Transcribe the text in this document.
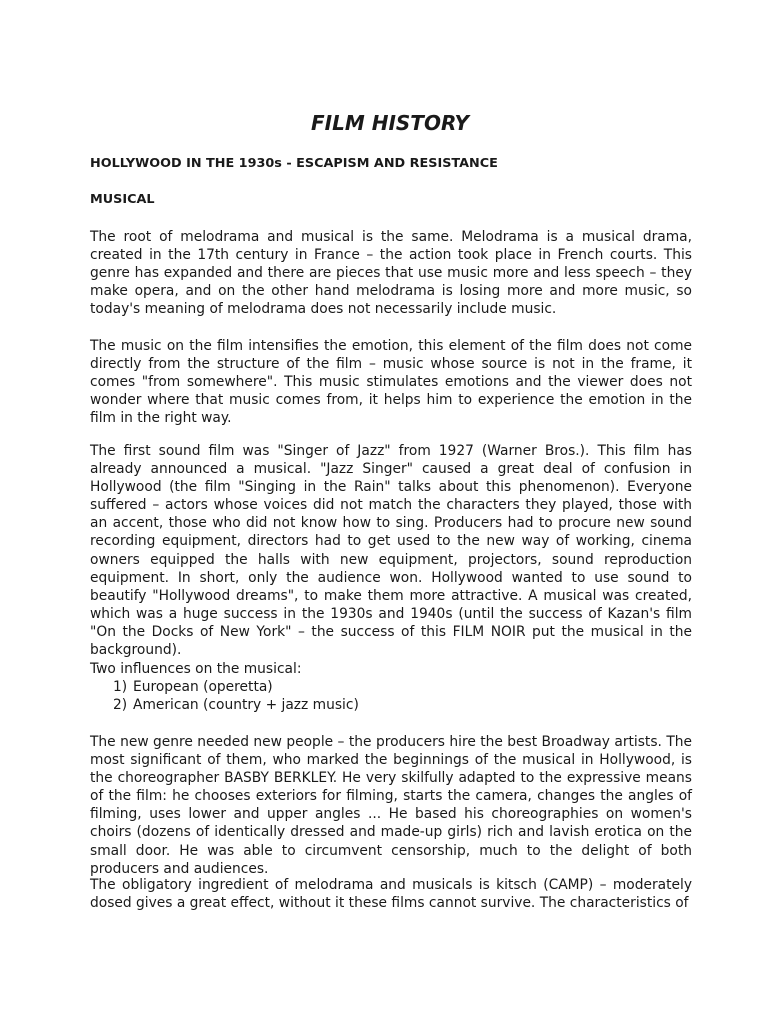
FILM HISTORY
HOLLYWOOD IN THE 1930s - ESCAPISM AND RESISTANCE
MUSICAL

The root of melodrama and musical is the same. Melodrama is a musical drama, created in the 17th century in France – the action took place in French courts. This genre has expanded and there are pieces that use music more and less speech – they make opera, and on the other hand melodrama is losing more and more music, so today's meaning of melodrama does not necessarily include music.

The music on the film intensifies the emotion, this element of the film does not come directly from the structure of the film – music whose source is not in the frame, it comes "from somewhere". This music stimulates emotions and the viewer does not wonder where that music comes from, it helps him to experience the emotion in the film in the right way.

The first sound film was "Singer of Jazz" from 1927 (Warner Bros.). This film has already announced a musical. "Jazz Singer" caused a great deal of confusion in Hollywood (the film "Singing in the Rain" talks about this phenomenon). Everyone suffered – actors whose voices did not match the characters they played, those with an accent, those who did not know how to sing. Producers had to procure new sound recording equipment, directors had to get used to the new way of working, cinema owners equipped the halls with new equipment, projectors, sound reproduction equipment. In short, only the audience won. Hollywood wanted to use sound to beautify "Hollywood dreams", to make them more attractive. A musical was created, which was a huge success in the 1930s and 1940s (until the success of Kazan's film "On the Docks of New York" – the success of this FILM NOIR put the musical in the background).

Two influences on the musical:

1) European (operetta)
2) American (country + jazz music)

The new genre needed new people – the producers hire the best Broadway artists. The most significant of them, who marked the beginnings of the musical in Hollywood, is the choreographer BASBY BERKLEY. He very skilfully adapted to the expressive means of the film: he chooses exteriors for filming, starts the camera, changes the angles of filming, uses lower and upper angles ... He based his choreographies on women's choirs (dozens of identically dressed and made-up girls) rich and lavish erotica on the small door. He was able to circumvent censorship, much to the delight of both producers and audiences.

The obligatory ingredient of melodrama and musicals is kitsch (CAMP) – moderately dosed gives a great effect, without it these films cannot survive. The characteristics of
